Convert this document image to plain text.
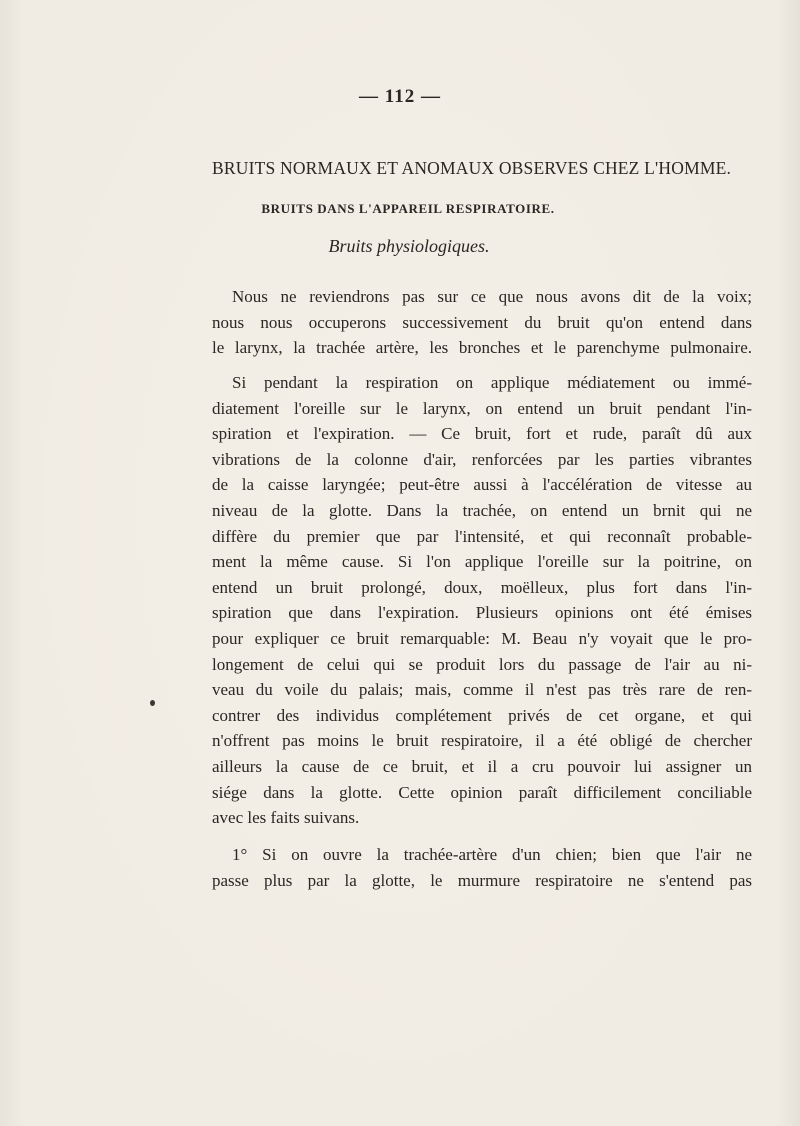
— 112 —
BRUITS NORMAUX ET ANOMAUX OBSERVES CHEZ L'HOMME.
BRUITS DANS L'APPAREIL RESPIRATOIRE.
Bruits physiologiques.
Nous ne reviendrons pas sur ce que nous avons dit de la voix;
nous nous occuperons successivement du bruit qu'on entend dans
le larynx, la trachée artère, les bronches et le parenchyme pulmonaire.
Si pendant la respiration on applique médiatement ou immé-
diatement l'oreille sur le larynx, on entend un bruit pendant l'in-
spiration et l'expiration. — Ce bruit, fort et rude, paraît dû aux
vibrations de la colonne d'air, renforcées par les parties vibrantes
de la caisse laryngée; peut-être aussi à l'accélération de vitesse au
niveau de la glotte. Dans la trachée, on entend un brnit qui ne
diffère du premier que par l'intensité, et qui reconnaît probable-
ment la même cause. Si l'on applique l'oreille sur la poitrine, on
entend un bruit prolongé, doux, moëlleux, plus fort dans l'in-
spiration que dans l'expiration. Plusieurs opinions ont été émises
pour expliquer ce bruit remarquable: M. Beau n'y voyait que le pro-
longement de celui qui se produit lors du passage de l'air au ni-
veau du voile du palais; mais, comme il n'est pas très rare de ren-
contrer des individus complétement privés de cet organe, et qui
n'offrent pas moins le bruit respiratoire, il a été obligé de chercher
ailleurs la cause de ce bruit, et il a cru pouvoir lui assigner un
siége dans la glotte. Cette opinion paraît difficilement conciliable
avec les faits suivans.
1° Si on ouvre la trachée-artère d'un chien; bien que l'air ne
passe plus par la glotte, le murmure respiratoire ne s'entend pas
